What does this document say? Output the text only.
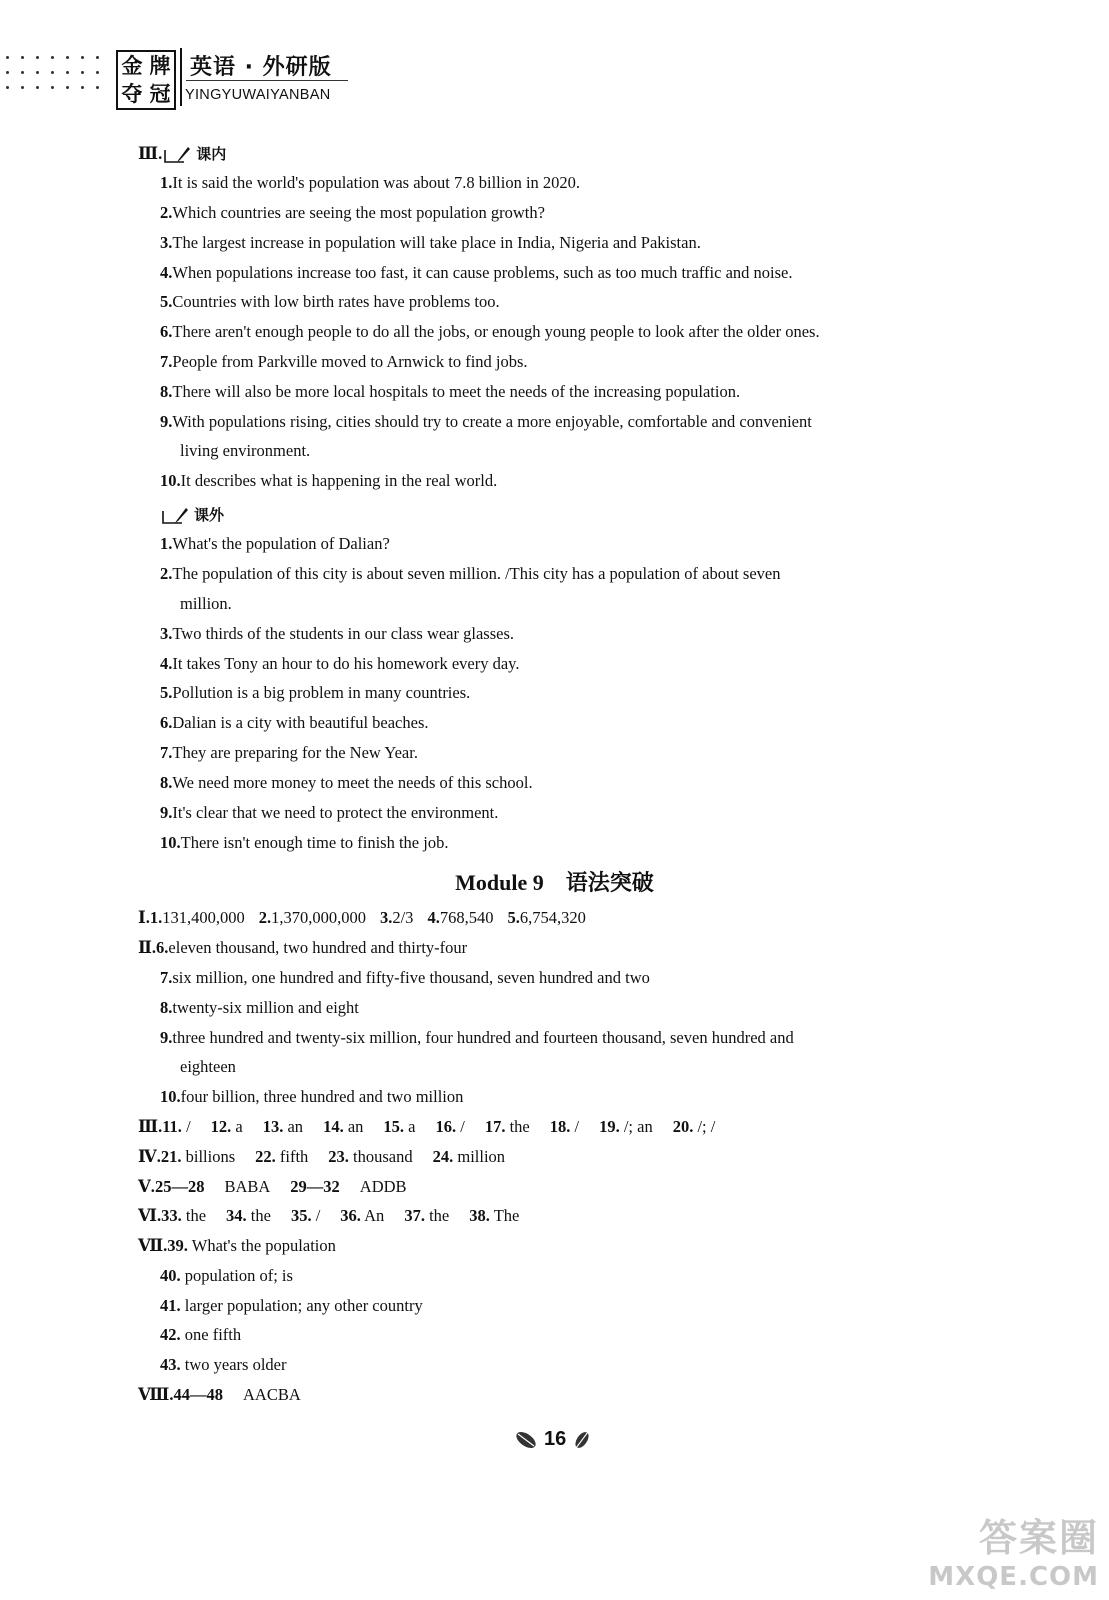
金 牌
夺 冠
英语 · 外研版
YINGYUWAIYANBAN
Ⅲ. 课内
1.It is said the world's population was about 7.8 billion in 2020.
2.Which countries are seeing the most population growth?
3.The largest increase in population will take place in India, Nigeria and Pakistan.
4.When populations increase too fast, it can cause problems, such as too much traffic and noise.
5.Countries with low birth rates have problems too.
6.There aren't enough people to do all the jobs, or enough young people to look after the older ones.
7.People from Parkville moved to Arnwick to find jobs.
8.There will also be more local hospitals to meet the needs of the increasing population.
9.With populations rising, cities should try to create a more enjoyable, comfortable and convenient
living environment.
10.It describes what is happening in the real world.
课外
1.What's the population of Dalian?
2.The population of this city is about seven million. /This city has a population of about seven
million.
3.Two thirds of the students in our class wear glasses.
4.It takes Tony an hour to do his homework every day.
5.Pollution is a big problem in many countries.
6.Dalian is a city with beautiful beaches.
7.They are preparing for the New Year.
8.We need more money to meet the needs of this school.
9.It's clear that we need to protect the environment.
10.There isn't enough time to finish the job.
Module 9 语法突破
Ⅰ.1.131,400,000 2.1,370,000,000 3.2/3 4.768,540 5.6,754,320
Ⅱ.6.eleven thousand, two hundred and thirty-four
7.six million, one hundred and fifty-five thousand, seven hundred and two
8.twenty-six million and eight
9.three hundred and twenty-six million, four hundred and fourteen thousand, seven hundred and
eighteen
10.four billion, three hundred and two million
Ⅲ.11. / 12. a 13. an 14. an 15. a 16. / 17. the 18. / 19. /; an 20. /; /
Ⅳ.21. billions 22. fifth 23. thousand 24. million
Ⅴ.25—28 BABA 29—32 ADDB
Ⅵ.33. the 34. the 35. / 36. An 37. the 38. The
Ⅶ.39. What's the population
40. population of; is
41. larger population; any other country
42. one fifth
43. two years older
Ⅷ.44—48 AACBA
16
答案圈
MXQE.COM
